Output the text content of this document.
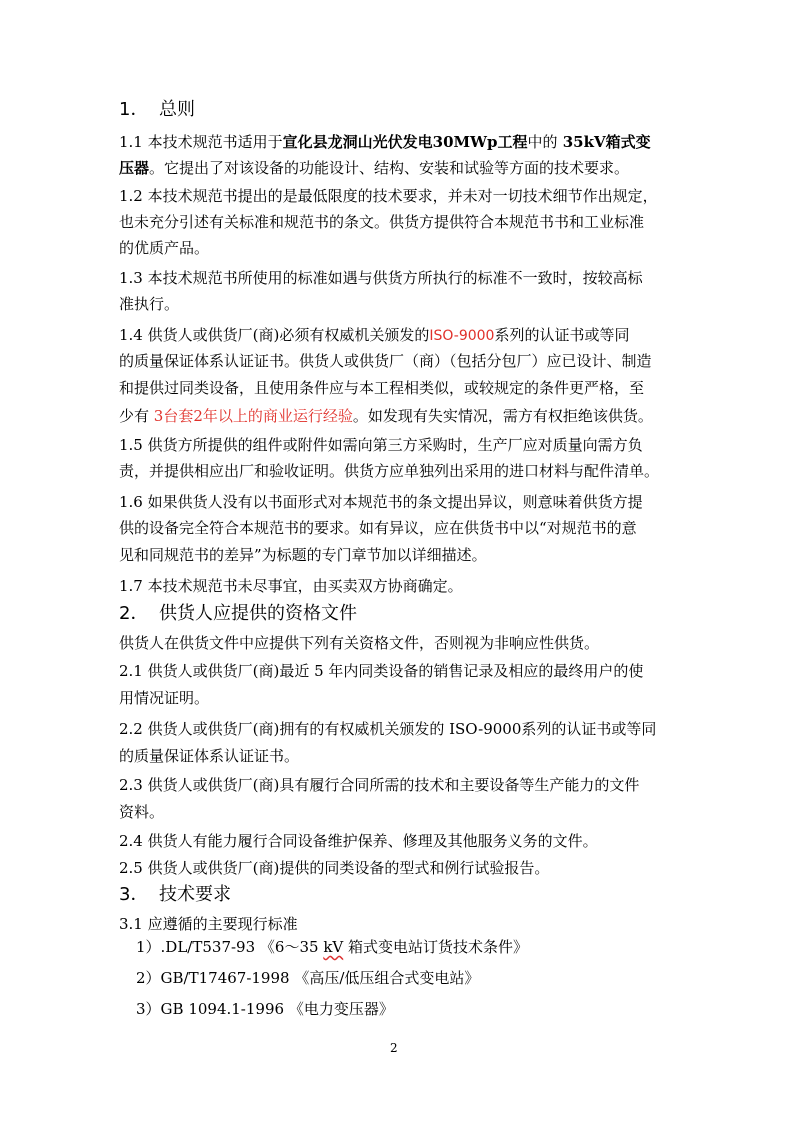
1． 总则
1.1 本技术规范书适用于宣化县龙洞山光伏发电30MWp工程中的 35kV箱式变
压器。它提出了对该设备的功能设计、结构、安装和试验等方面的技术要求。
1.2 本技术规范书提出的是最低限度的技术要求，并未对一切技术细节作出规定，
也未充分引述有关标准和规范书的条文。供货方提供符合本规范书书和工业标准
的优质产品。
1.3 本技术规范书所使用的标准如遇与供货方所执行的标准不一致时，按较高标
准执行。
1.4 供货人或供货厂(商)必须有权威机关颁发的ISO-9000系列的认证书或等同
的质量保证体系认证证书。供货人或供货厂（商）（包括分包厂）应已设计、制造
和提供过同类设备，且使用条件应与本工程相类似，或较规定的条件更严格，至
少有 3台套2年以上的商业运行经验。如发现有失实情况，需方有权拒绝该供货。
1.5 供货方所提供的组件或附件如需向第三方采购时，生产厂应对质量向需方负
责，并提供相应出厂和验收证明。供货方应单独列出采用的进口材料与配件清单。
1.6 如果供货人没有以书面形式对本规范书的条文提出异议，则意味着供货方提
供的设备完全符合本规范书的要求。如有异议，应在供货书中以“对规范书的意
见和同规范书的差异”为标题的专门章节加以详细描述。
1.7 本技术规范书未尽事宜，由买卖双方协商确定。
2． 供货人应提供的资格文件
供货人在供货文件中应提供下列有关资格文件，否则视为非响应性供货。
2.1 供货人或供货厂(商)最近 5 年内同类设备的销售记录及相应的最终用户的使
用情况证明。
2.2 供货人或供货厂(商)拥有的有权威机关颁发的 ISO-9000系列的认证书或等同
的质量保证体系认证证书。
2.3 供货人或供货厂(商)具有履行合同所需的技术和主要设备等生产能力的文件
资料。
2.4 供货人有能力履行合同设备维护保养、修理及其他服务义务的文件。
2.5 供货人或供货厂(商)提供的同类设备的型式和例行试验报告。
3． 技术要求
3.1 应遵循的主要现行标准
1）.DL/T537-93 《6～35 kV 箱式变电站订货技术条件》
2）GB/T17467-1998 《高压/低压组合式变电站》
3）GB 1094.1-1996 《电力变压器》
2
